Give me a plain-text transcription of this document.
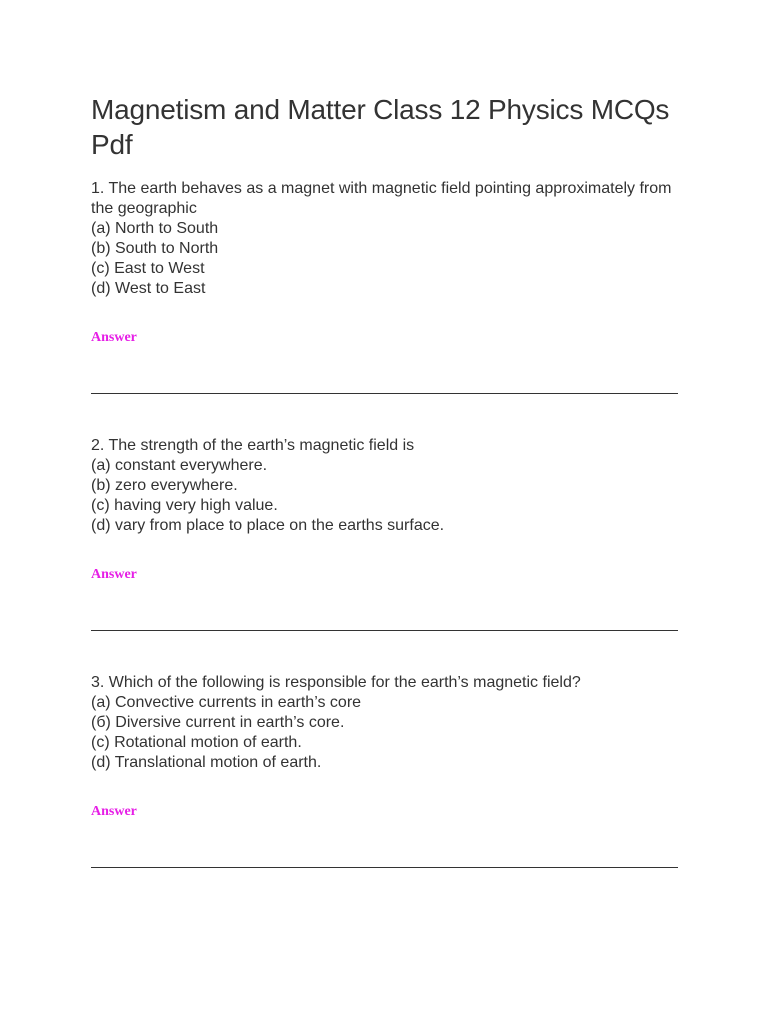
Magnetism and Matter Class 12 Physics MCQs Pdf

1. The earth behaves as a magnet with magnetic field pointing approximately from the geographic

(a) North to South

(b) South to North

(c) East to West

(d) West to East

Answer

2. The strength of the earth’s magnetic field is

(a) constant everywhere.

(b) zero everywhere.

(c) having very high value.

(d) vary from place to place on the earths surface.

Answer

3. Which of the following is responsible for the earth’s magnetic field?

(a) Convective currents in earth’s core

(б) Diversive current in earth’s core.

(c) Rotational motion of earth.

(d) Translational motion of earth.

Answer
